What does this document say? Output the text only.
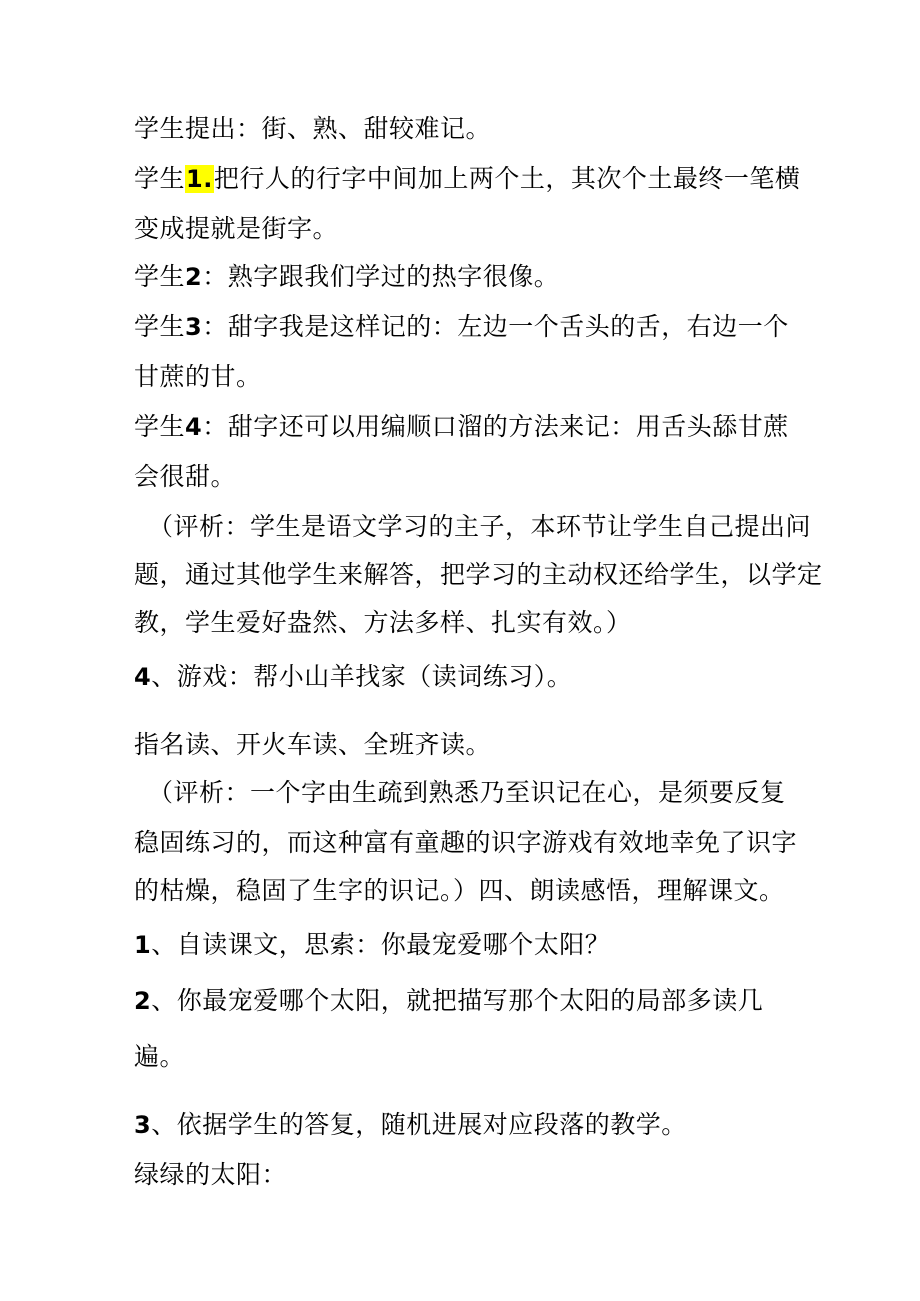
学生提出：街、熟、甜较难记。
学生1.把行人的行字中间加上两个土，其次个土最终一笔横
变成提就是街字。
学生2：熟字跟我们学过的热字很像。
学生3：甜字我是这样记的：左边一个舌头的舌，右边一个
甘蔗的甘。
学生4：甜字还可以用编顺口溜的方法来记：用舌头舔甘蔗
会很甜。
（评析：学生是语文学习的主子，本环节让学生自己提出问
题，通过其他学生来解答，把学习的主动权还给学生，以学定
教，学生爱好盎然、方法多样、扎实有效。）
4、游戏：帮小山羊找家（读词练习）。
指名读、开火车读、全班齐读。
（评析：一个字由生疏到熟悉乃至识记在心，是须要反复
稳固练习的，而这种富有童趣的识字游戏有效地幸免了识字
的枯燥，稳固了生字的识记。）四、朗读感悟，理解课文。
1、自读课文，思索：你最宠爱哪个太阳？
2、你最宠爱哪个太阳，就把描写那个太阳的局部多读几
遍。
3、依据学生的答复，随机进展对应段落的教学。
绿绿的太阳：
